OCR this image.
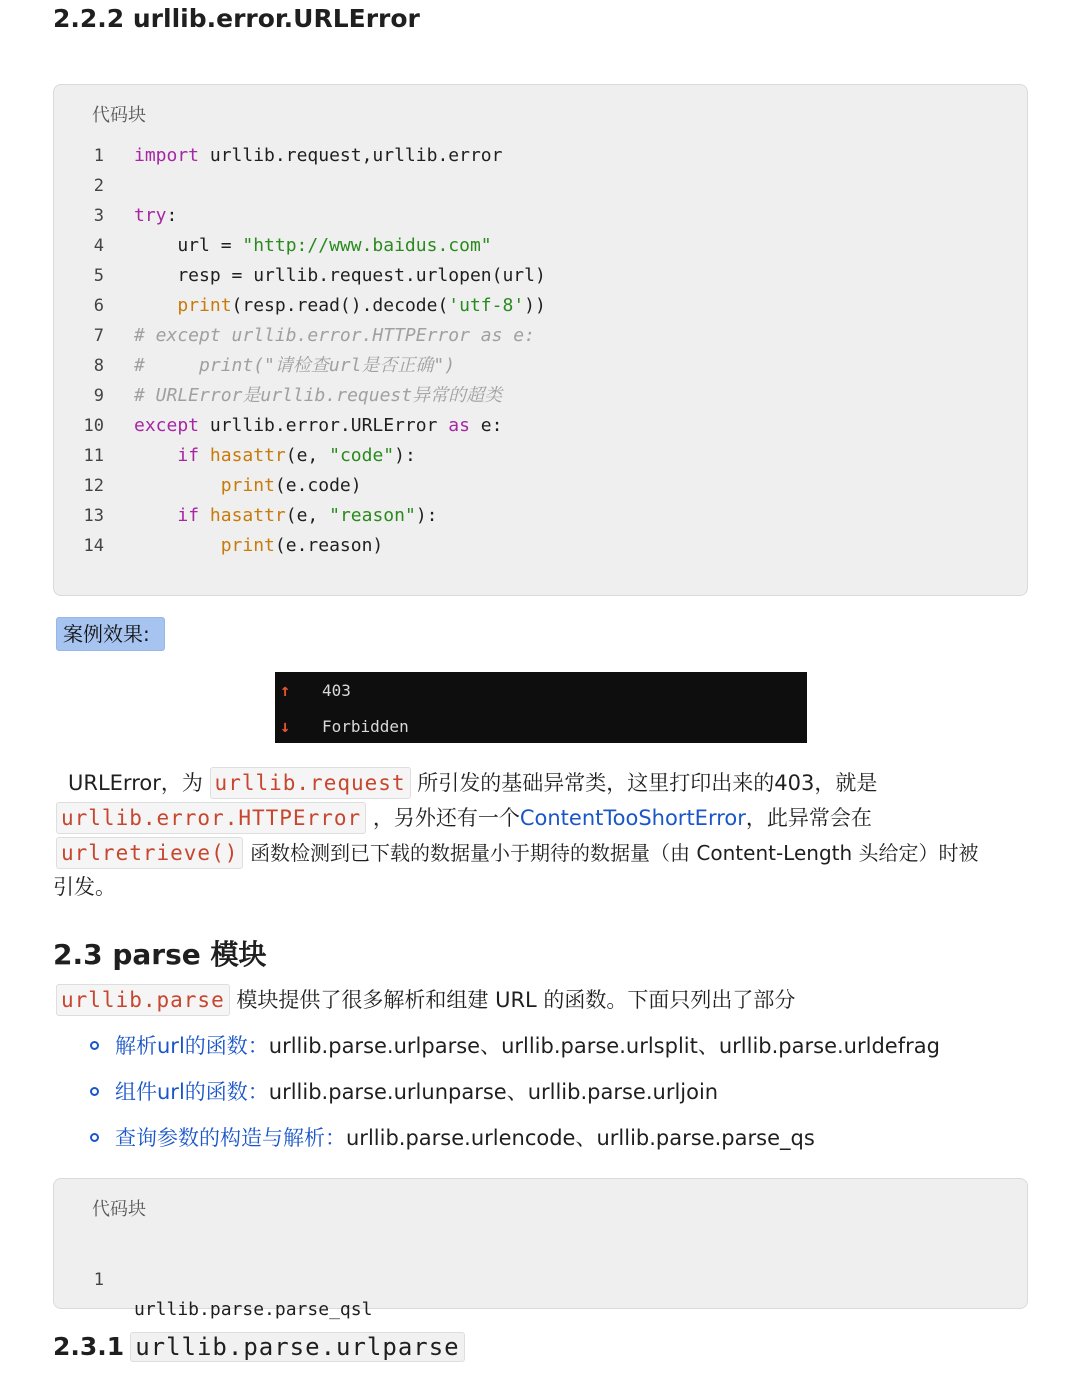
2.2.2 urllib.error.URLError
代码块
1 import urllib.request,urllib.error
2
3 try:
4 url = "http://www.baidus.com"
5 resp = urllib.request.urlopen(url)
6	print(resp.read().decode('utf-8'))
7 # except urllib.error.HTTPError as e:
8 #     print("请检查url是否正确")
9 # URLError是urllib.request异常的超类
10 except urllib.error.URLError as e:
11	if hasattr(e, "code"):
12	print(e.code)
13	if hasattr(e, "reason"):
14	print(e.reason)
案例效果:
↑ 403
↓ Forbidden
URLError，为 urllib.request 所引发的基础异常类，这里打印出来的403，就是
urllib.error.HTTPError ，另外还有一个ContentTooShortError，此异常会在
urlretrieve() 函数检测到已下载的数据量小于期待的数据量（由 Content-Length 头给定）时被
引发。
2.3 parse 模块
urllib.parse 模块提供了很多解析和组建 URL 的函数。下面只列出了部分
解析url的函数：urllib.parse.urlparse、urllib.parse.urlsplit、urllib.parse.urldefrag
组件url的函数：urllib.parse.urlunparse、urllib.parse.urljoin
查询参数的构造与解析：urllib.parse.urlencode、urllib.parse.parse_qs
代码块

1

urllib.parse.parse_qsl

2.3.1 urllib.parse.urlparse
